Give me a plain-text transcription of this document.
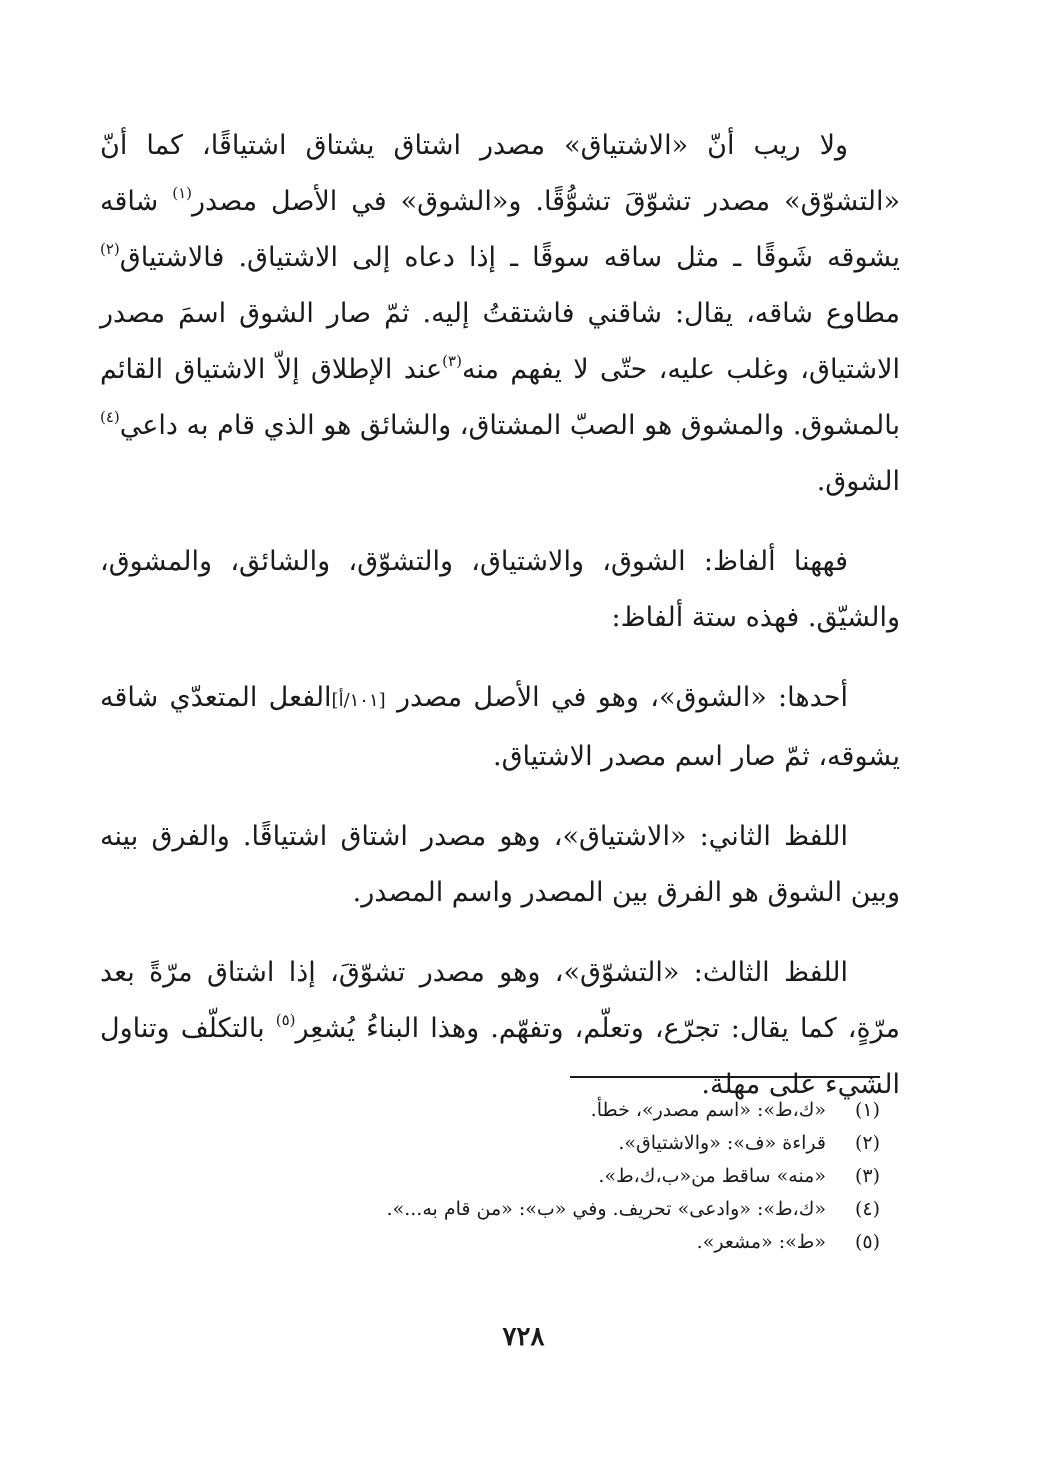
ولا ريب أنّ «الاشتياق» مصدر اشتاق يشتاق اشتياقًا، كما أنّ «التشوّق» مصدر تشوّقَ تشوُّقًا. و«الشوق» في الأصل مصدر$^{(١)}$ شاقه يشوقه شَوقًا ـ مثل ساقه سوقًا ـ إذا دعاه إلى الاشتياق. فالاشتياق$^{(٢)}$ مطاوع شاقه، يقال: شاقني فاشتقتُ إليه. ثمّ صار الشوق اسمَ مصدر الاشتياق، وغلب عليه، حتّى لا يفهم منه$^{(٣)}$عند الإطلاق إلاّ الاشتياق القائم بالمشوق. والمشوق هو الصبّ المشتاق، والشائق هو الذي قام به داعي$^{(٤)}$ الشوق.

فههنا ألفاظ: الشوق، والاشتياق، والتشوّق، والشائق، والمشوق، والشيّق. فهذه ستة ألفاظ:

أحدها: «الشوق»، وهو في الأصل مصدر [١٠١/أ]الفعل المتعدّي شاقه يشوقه، ثمّ صار اسم مصدر الاشتياق.

اللفظ الثاني: «الاشتياق»، وهو مصدر اشتاق اشتياقًا. والفرق بينه وبين الشوق هو الفرق بين المصدر واسم المصدر.

اللفظ الثالث: «التشوّق»، وهو مصدر تشوّقَ، إذا اشتاق مرّةً بعد مرّةٍ، كما يقال: تجرّع، وتعلّم، وتفهّم. وهذا البناءُ يُشعِر$^{(٥)}$ بالتكلّف وتناول الشيء على مهلة.

(١)
«ك،ط»: «اسم مصدر»، خطأ.
(٢)
قراءة «ف»: «والاشتياق».
(٣)
«منه» ساقط من«ب،ك،ط».
(٤)
«ك،ط»: «وادعى» تحريف. وفي «ب»: «من قام به...».
(٥)
«ط»: «مشعر».
٧٢٨
